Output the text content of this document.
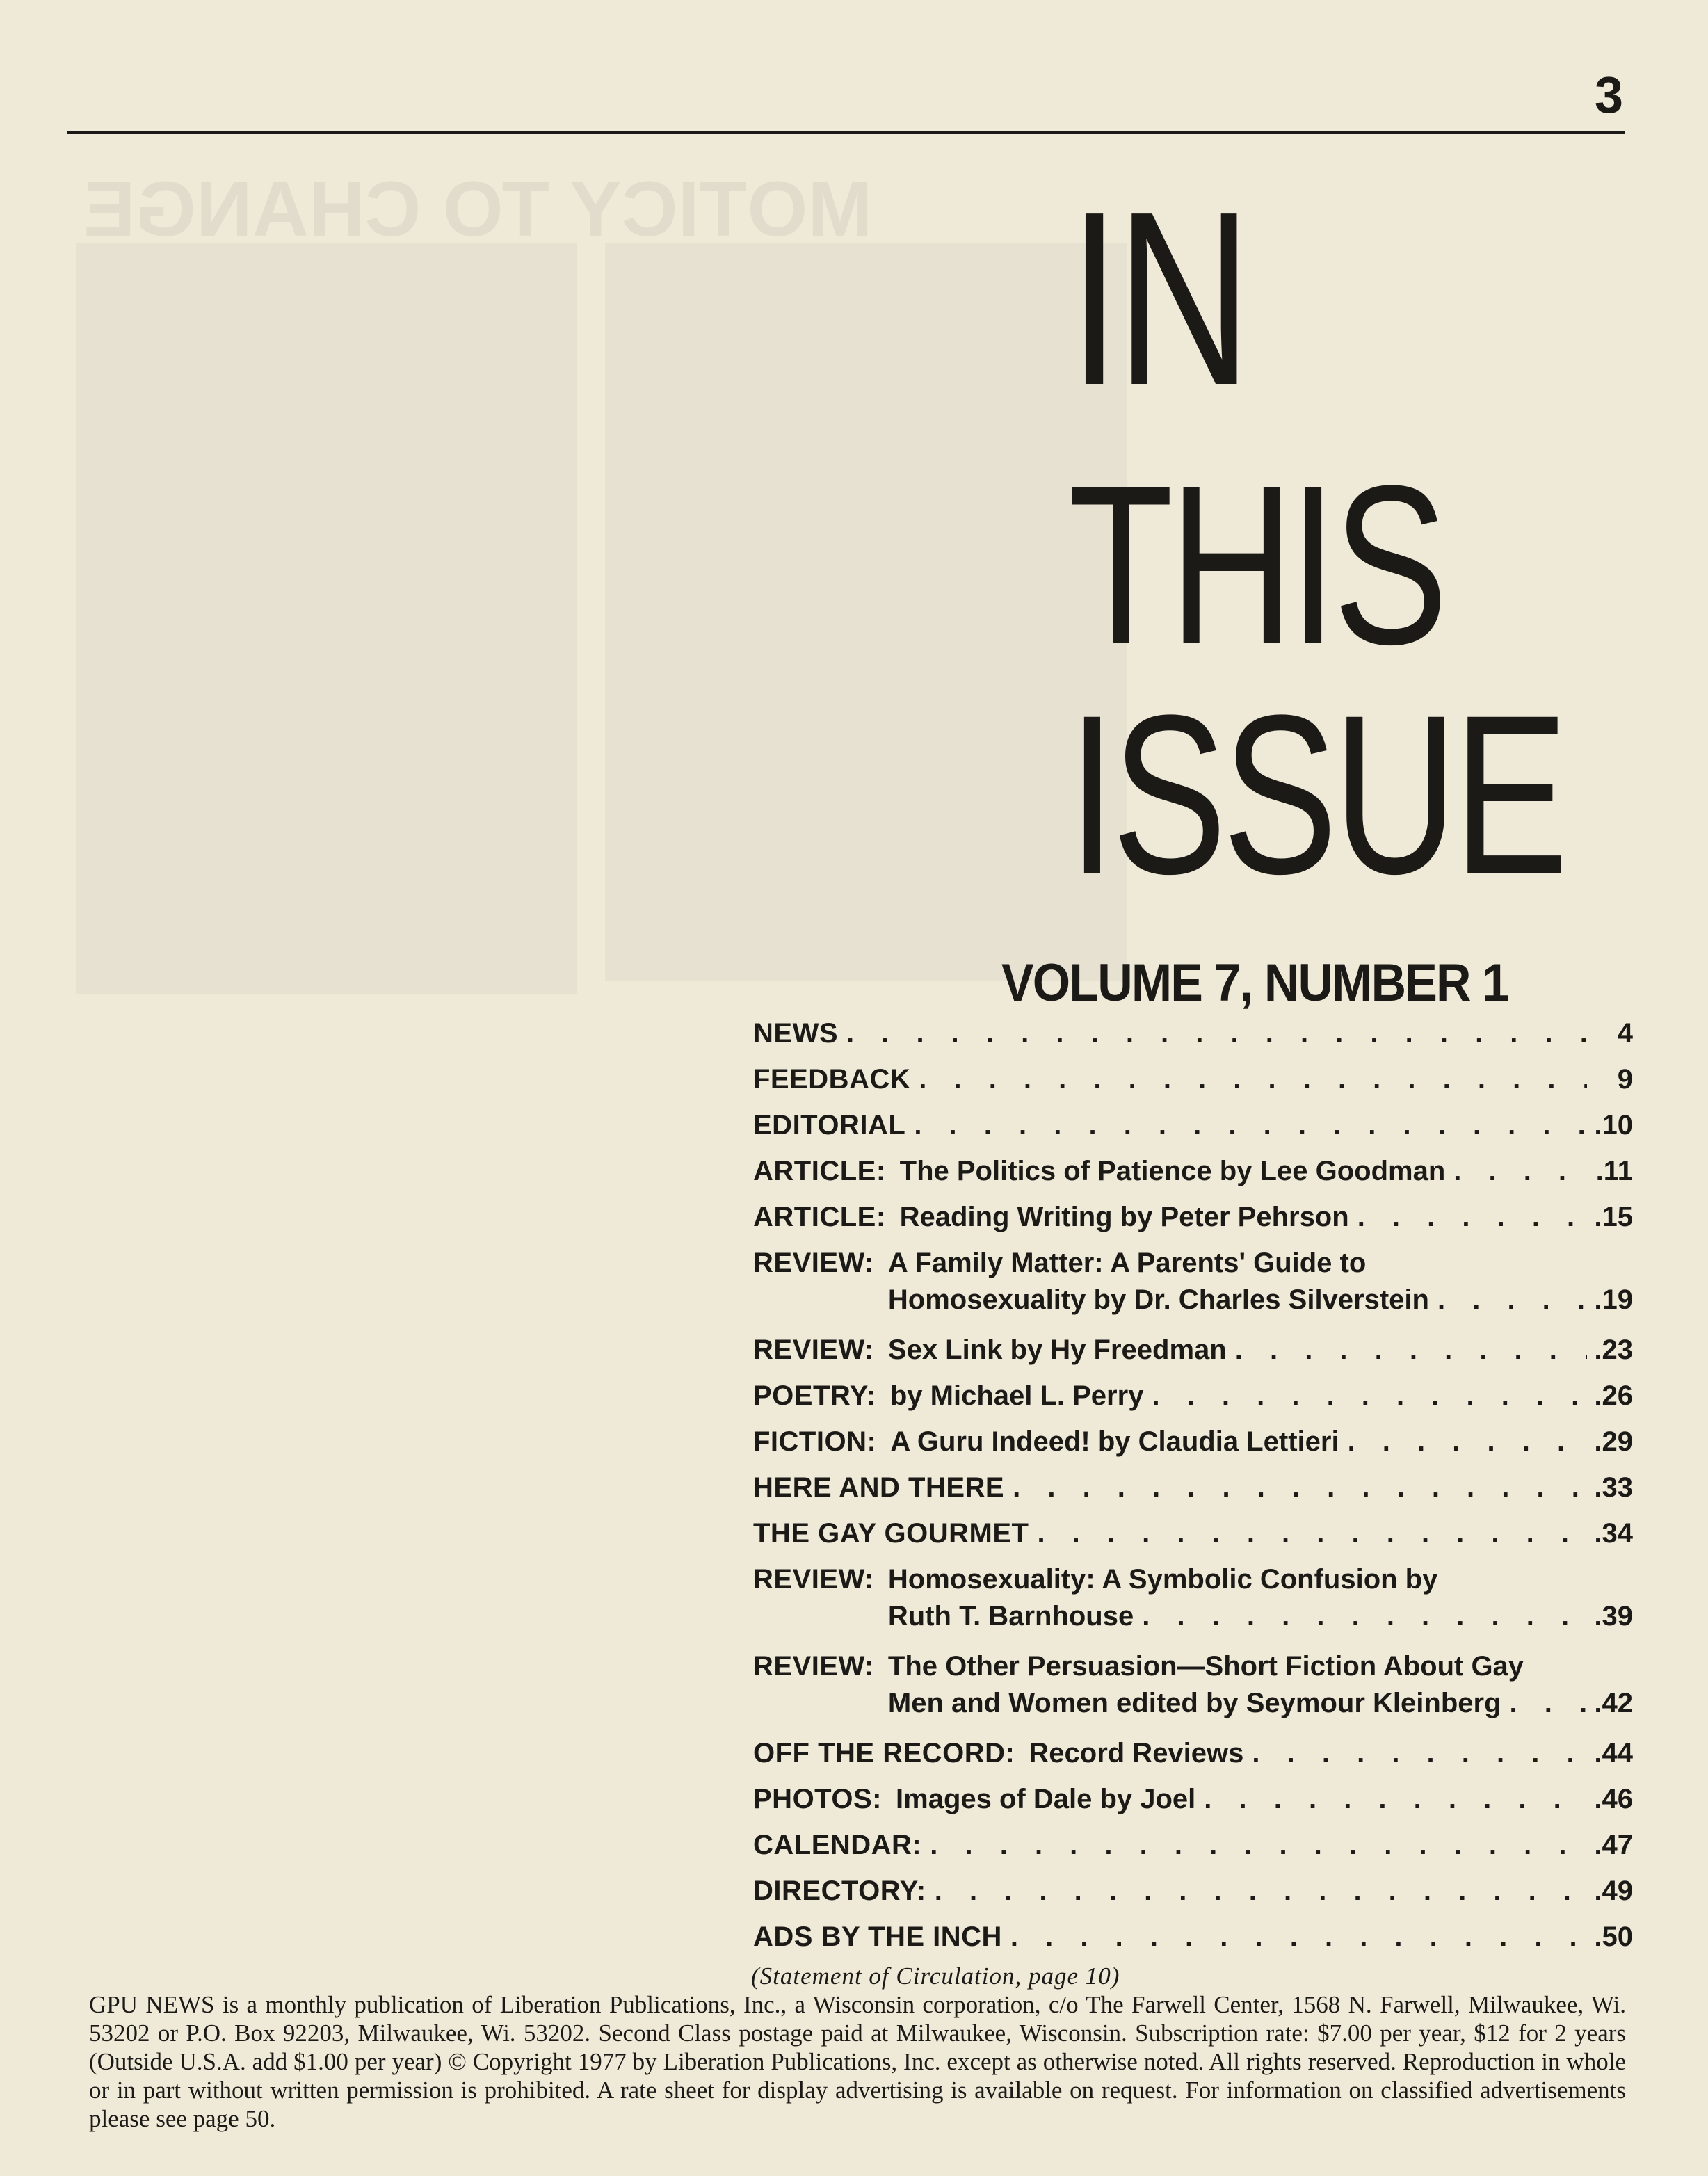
MOTICY TO CHANGE
3
IN
THIS
ISSUE
VOLUME 7, NUMBER 1
NEWS . . .	4
FEEDBACK . . .	9
EDITORIAL . . .	.10
ARTICLE: The Politics of Patience by Lee Goodman . . .	.11
ARTICLE: Reading Writing by Peter Pehrson . . .	.15
REVIEW: A Family Matter: A Parents' Guide to
Homosexuality by Dr. Charles Silverstein . . .	.19
REVIEW: Sex Link by Hy Freedman . . .	.23
POETRY: by Michael L. Perry . . .	.26
FICTION: A Guru Indeed! by Claudia Lettieri . . .	.29
HERE AND THERE . . .	.33
THE GAY GOURMET . . .	.34
REVIEW: Homosexuality: A Symbolic Confusion by
Ruth T. Barnhouse . . .	.39
REVIEW: The Other Persuasion—Short Fiction About Gay
Men and Women edited by Seymour Kleinberg . . .	.42
OFF THE RECORD: Record Reviews . . .	.44
PHOTOS: Images of Dale by Joel . . .	.46
CALENDAR: . . .	.47
DIRECTORY: . . .	.49
ADS BY THE INCH . . .	.50
(Statement of Circulation, page 10)
GPU NEWS is a monthly publication of Liberation Publications, Inc., a Wisconsin corporation, c/o The Farwell Center, 1568 N. Farwell, Milwaukee, Wi. 53202 or P.O. Box 92203, Milwaukee, Wi. 53202. Second Class postage paid at Milwaukee, Wisconsin. Subscription rate: $7.00 per year, $12 for 2 years (Outside U.S.A. add $1.00 per year) © Copyright 1977 by Liberation Publications, Inc. except as otherwise noted. All rights reserved. Reproduction in whole or in part without written permission is prohibited. A rate sheet for display advertising is available on request. For information on classified advertisements please see page 50.
